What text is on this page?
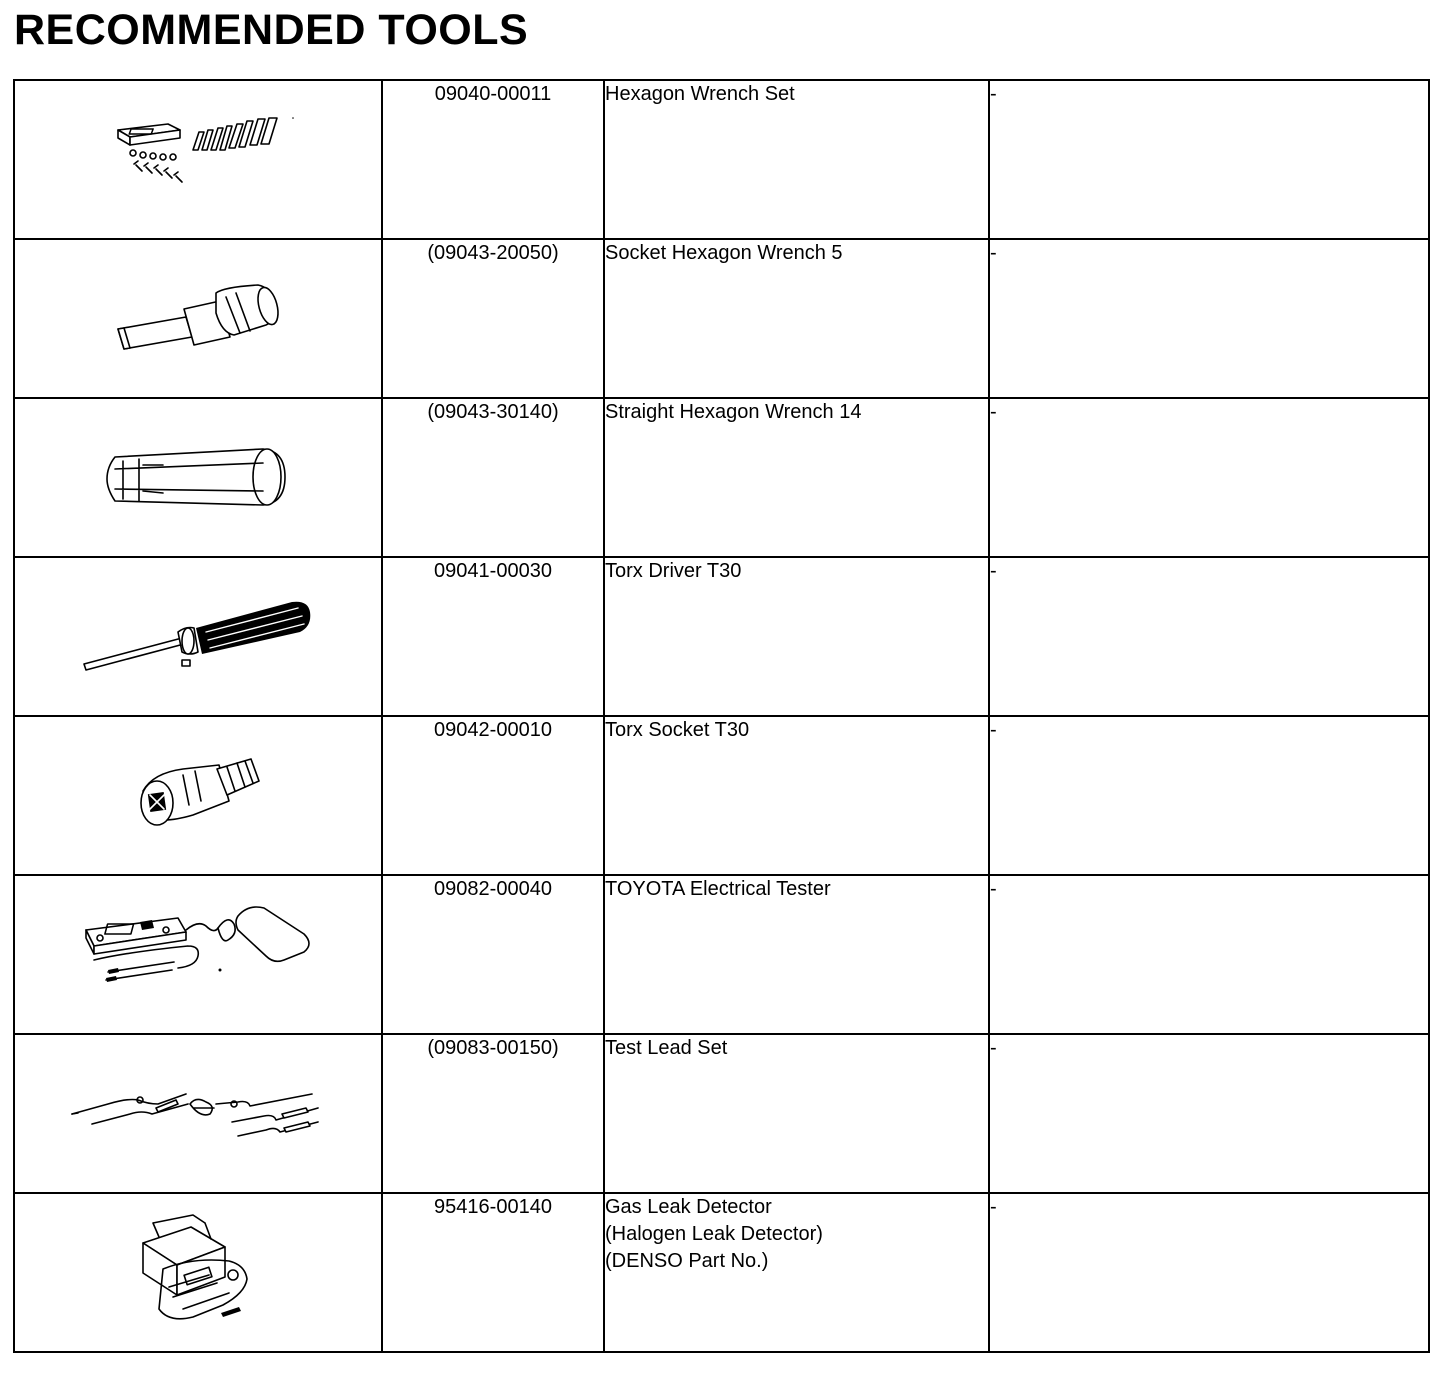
RECOMMENDED TOOLS
	09040-00011	Hexagon Wrench Set	-

	(09043-20050)	Socket Hexagon Wrench 5	-

	(09043-30140)	Straight Hexagon Wrench 14	-

	09041-00030	Torx Driver T30	-

	09042-00010	Torx Socket T30	-

	09082-00040	TOYOTA Electrical Tester	-

	(09083-00150)	Test Lead Set	-

	95416-00140	Gas Leak Detector
(Halogen Leak Detector)
(DENSO Part No.)	-
